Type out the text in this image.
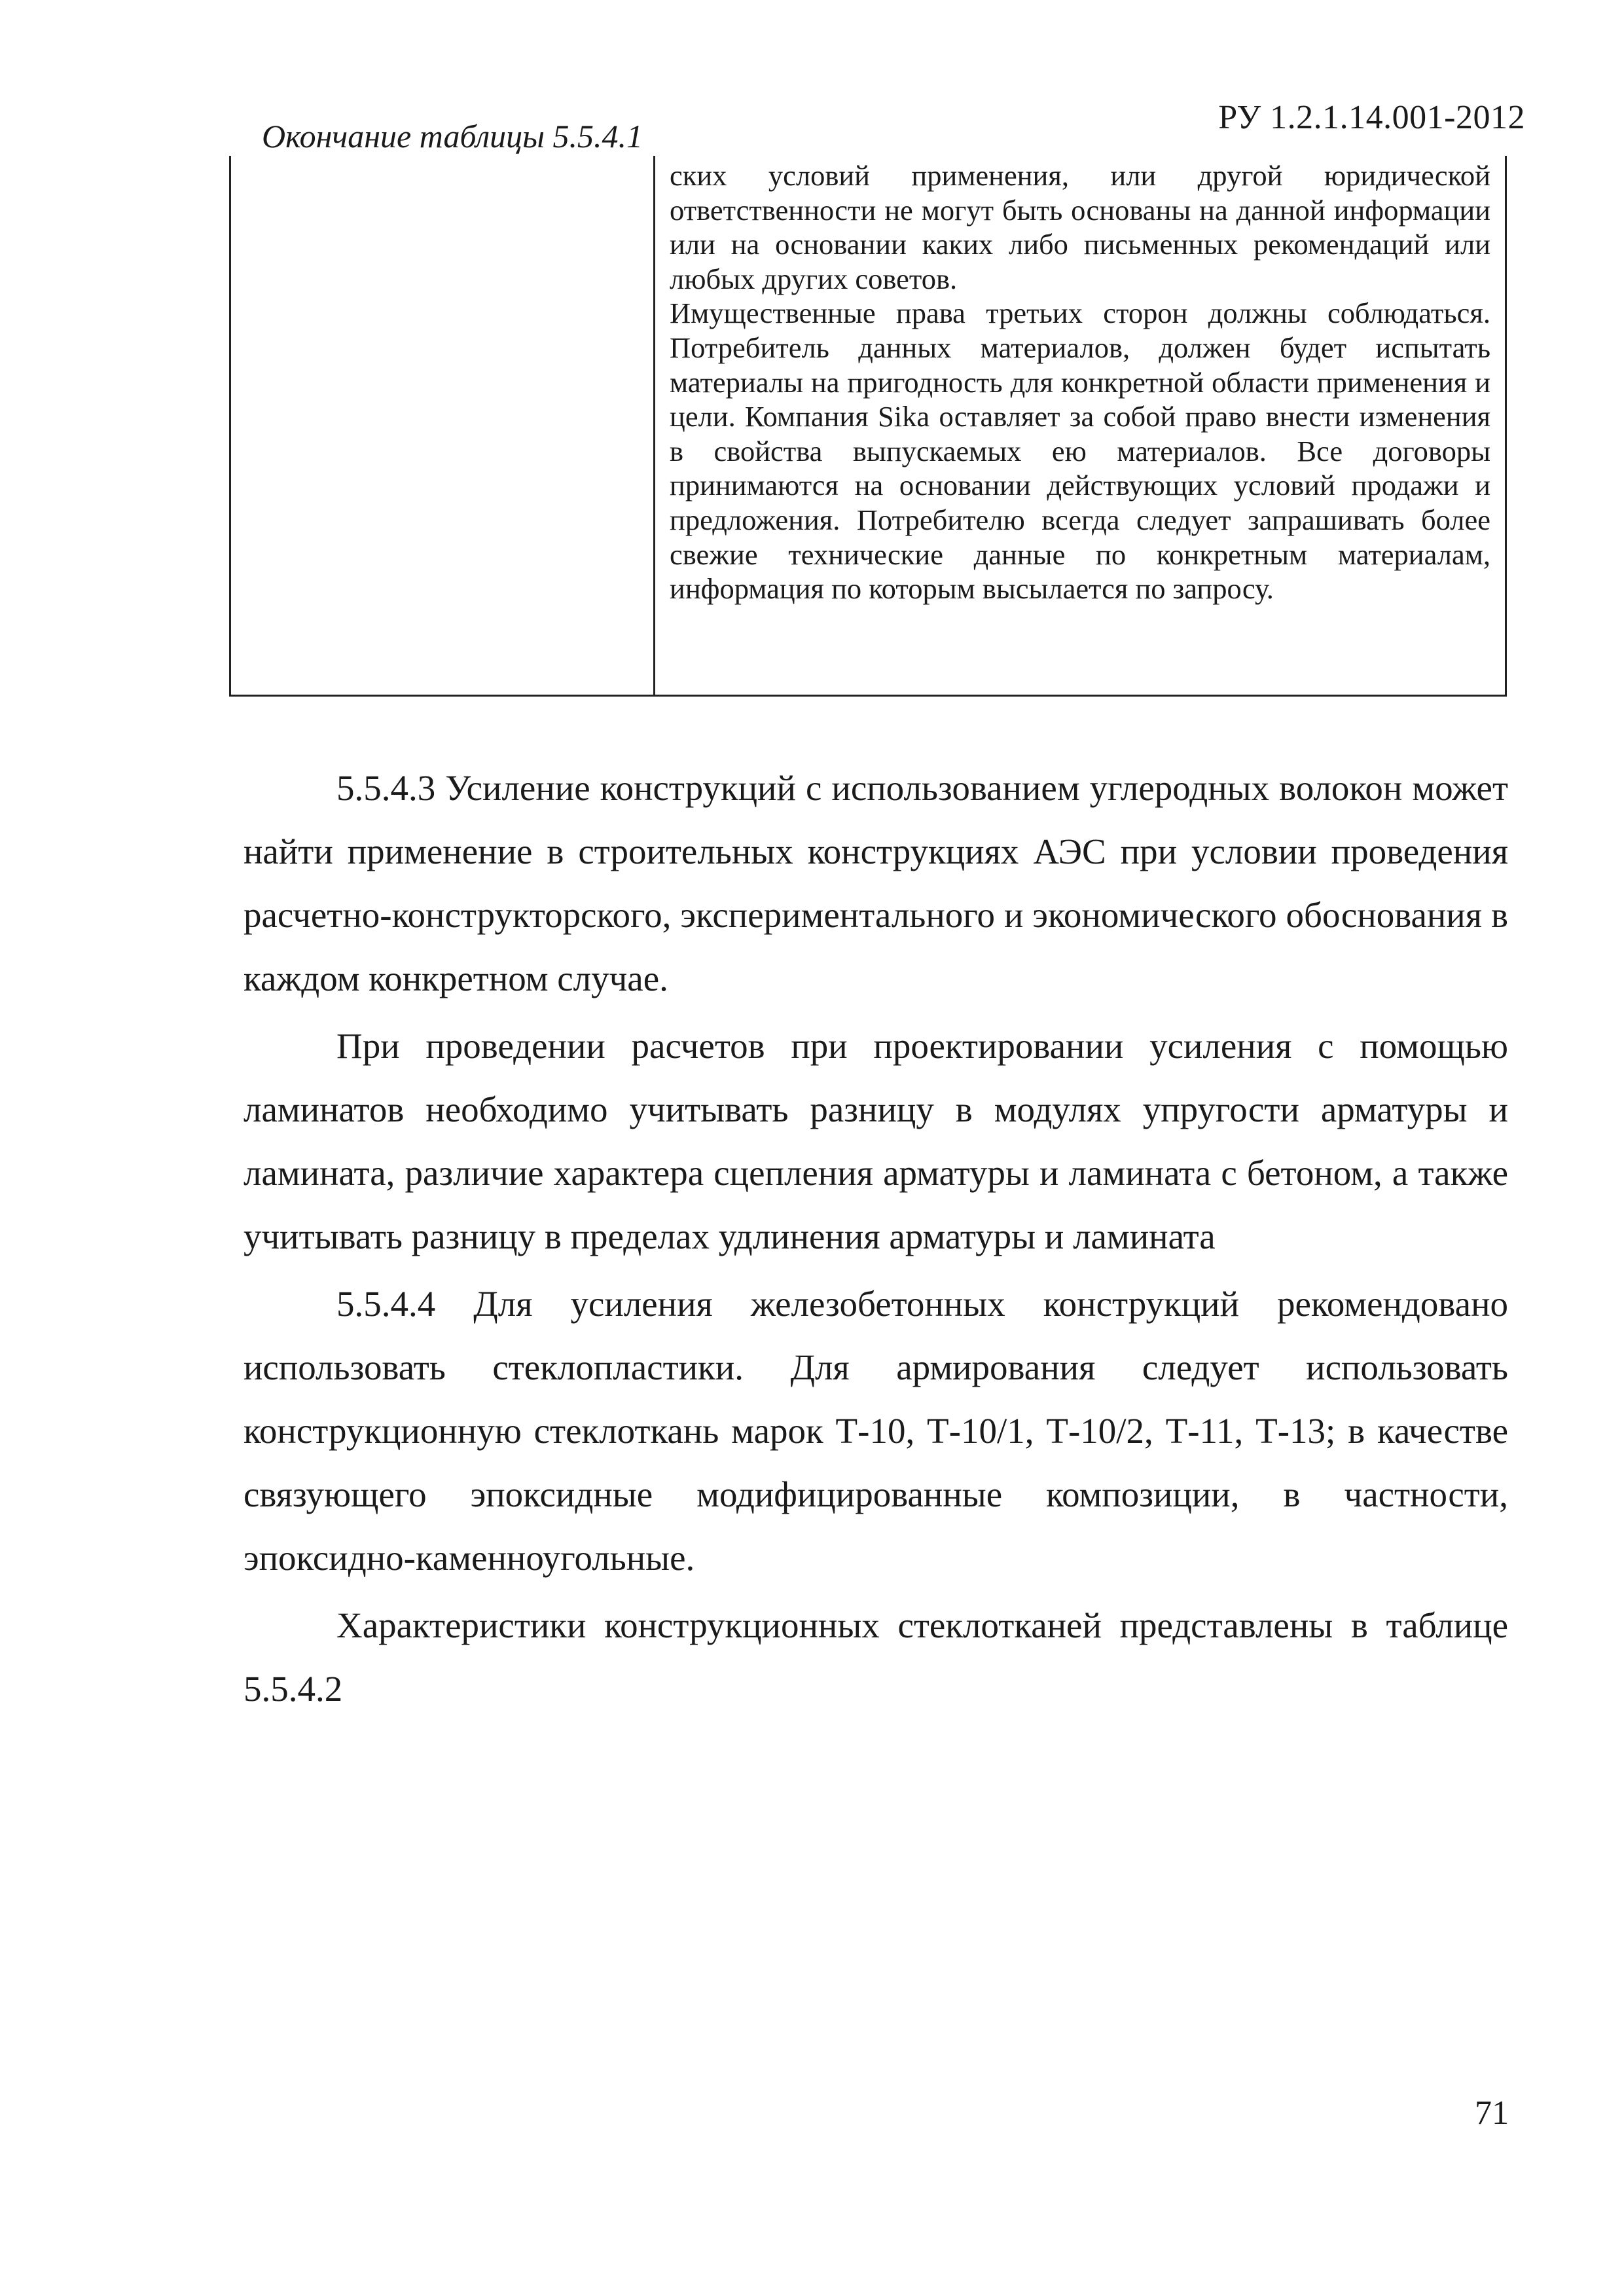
РУ 1.2.1.14.001-2012
Окончание таблицы 5.5.4.1

ских условий применения, или другой юридической ответственности не могут быть основаны на данной информации или на основании каких либо письменных рекомендаций или любых других советов.

Имущественные права третьих сторон должны соблюдаться. Потребитель данных материалов, должен будет испытать материалы на пригодность для конкретной области применения и цели. Компания Sika оставляет за собой право внести изменения в свойства выпускаемых ею материалов. Все договоры принимаются на основании действующих условий продажи и предложения. Потребителю всегда следует запрашивать более свежие технические данные по конкретным материалам, информация по которым высылается по запросу.

5.5.4.3 Усиление конструкций с использованием углеродных волокон может найти применение в строительных конструкциях АЭС при условии проведения расчетно-конструкторского, экспериментального и экономического обоснования в каждом конкретном случае.

При проведении расчетов при проектировании усиления с помощью ламинатов необходимо учитывать разницу в модулях упругости арматуры и ламината, различие характера сцепления арматуры и ламината с бетоном, а также учитывать разницу в пределах удлинения арматуры и ламината

5.5.4.4 Для усиления железобетонных конструкций рекомендовано использовать стеклопластики. Для армирования следует использовать конструкционную стеклоткань марок Т-10, Т-10/1, Т-10/2, Т-11, Т-13; в качестве связующего эпоксидные модифицированные композиции, в частности, эпоксидно-каменноугольные.

Характеристики конструкционных стеклотканей представлены в таблице 5.5.4.2

71
